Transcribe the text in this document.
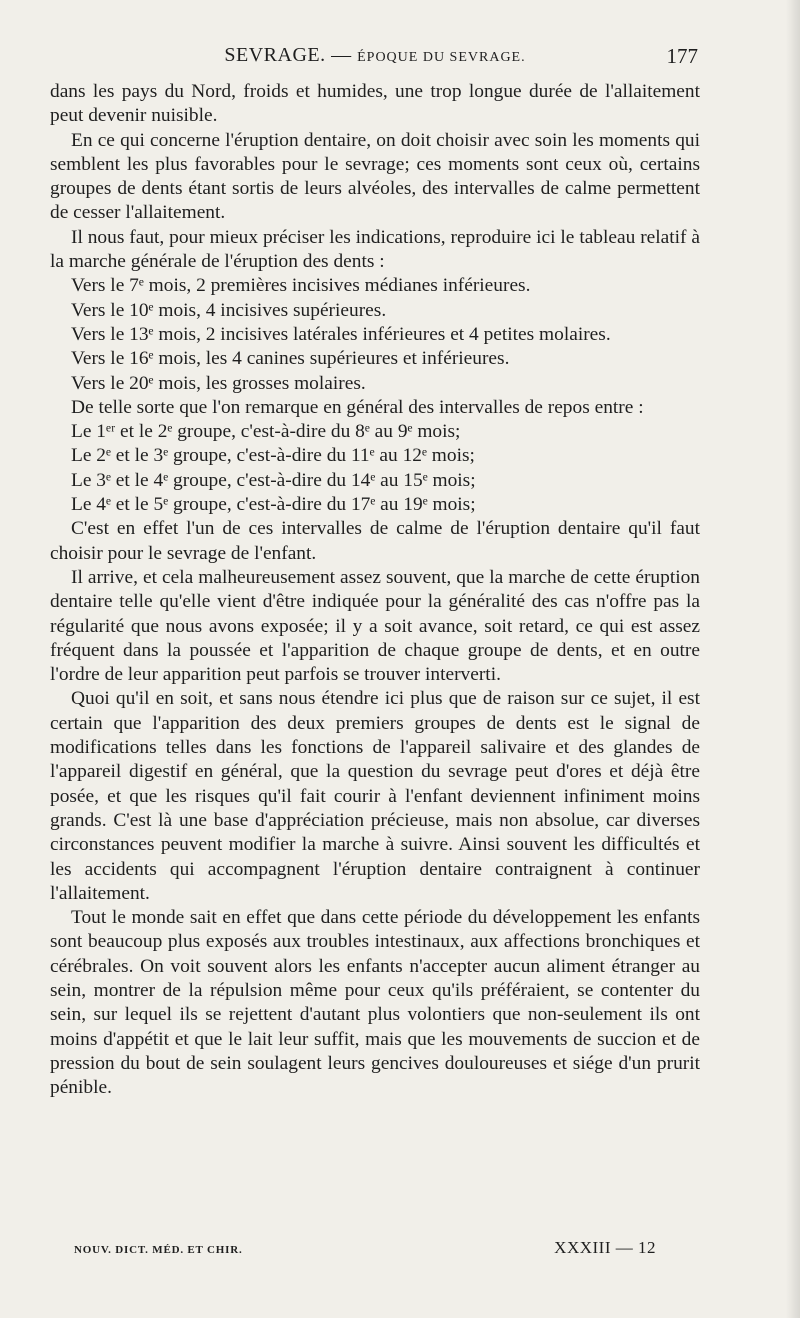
SEVRAGE. — ÉPOQUE DU SEVRAGE.	177

dans les pays du Nord, froids et humides, une trop longue durée de l'allaitement peut devenir nuisible.

En ce qui concerne l'éruption dentaire, on doit choisir avec soin les moments qui semblent les plus favorables pour le sevrage; ces moments sont ceux où, certains groupes de dents étant sortis de leurs alvéoles, des intervalles de calme permettent de cesser l'allaitement.

Il nous faut, pour mieux préciser les indications, reproduire ici le tableau relatif à la marche générale de l'éruption des dents :

Vers le 7ᵉ mois, 2 premières incisives médianes inférieures.

Vers le 10ᵉ mois, 4 incisives supérieures.

Vers le 13ᵉ mois, 2 incisives latérales inférieures et 4 petites molaires.

Vers le 16ᵉ mois, les 4 canines supérieures et inférieures.

Vers le 20ᵉ mois, les grosses molaires.

De telle sorte que l'on remarque en général des intervalles de repos entre :

Le 1ᵉʳ et le 2ᵉ groupe, c'est-à-dire du 8ᵉ au 9ᵉ mois;

Le 2ᵉ et le 3ᵉ groupe, c'est-à-dire du 11ᵉ au 12ᵉ mois;

Le 3ᵉ et le 4ᵉ groupe, c'est-à-dire du 14ᵉ au 15ᵉ mois;

Le 4ᵉ et le 5ᵉ groupe, c'est-à-dire du 17ᵉ au 19ᵉ mois;

C'est en effet l'un de ces intervalles de calme de l'éruption dentaire qu'il faut choisir pour le sevrage de l'enfant.

Il arrive, et cela malheureusement assez souvent, que la marche de cette éruption dentaire telle qu'elle vient d'être indiquée pour la généralité des cas n'offre pas la régularité que nous avons exposée; il y a soit avance, soit retard, ce qui est assez fréquent dans la poussée et l'apparition de chaque groupe de dents, et en outre l'ordre de leur apparition peut parfois se trouver interverti.

Quoi qu'il en soit, et sans nous étendre ici plus que de raison sur ce sujet, il est certain que l'apparition des deux premiers groupes de dents est le signal de modifications telles dans les fonctions de l'appareil salivaire et des glandes de l'appareil digestif en général, que la question du sevrage peut d'ores et déjà être posée, et que les risques qu'il fait courir à l'enfant deviennent infiniment moins grands. C'est là une base d'appréciation précieuse, mais non absolue, car diverses circonstances peuvent modifier la marche à suivre. Ainsi souvent les difficultés et les accidents qui accompagnent l'éruption dentaire contraignent à continuer l'allaitement.

Tout le monde sait en effet que dans cette période du développement les enfants sont beaucoup plus exposés aux troubles intestinaux, aux affections bronchiques et cérébrales. On voit souvent alors les enfants n'accepter aucun aliment étranger au sein, montrer de la répulsion même pour ceux qu'ils préféraient, se contenter du sein, sur lequel ils se rejettent d'autant plus volontiers que non-seulement ils ont moins d'appétit et que le lait leur suffit, mais que les mouvements de succion et de pression du bout de sein soulagent leurs gencives douloureuses et siége d'un prurit pénible.

NOUV. DICT. MÉD. ET CHIR.	XXXIII — 12
